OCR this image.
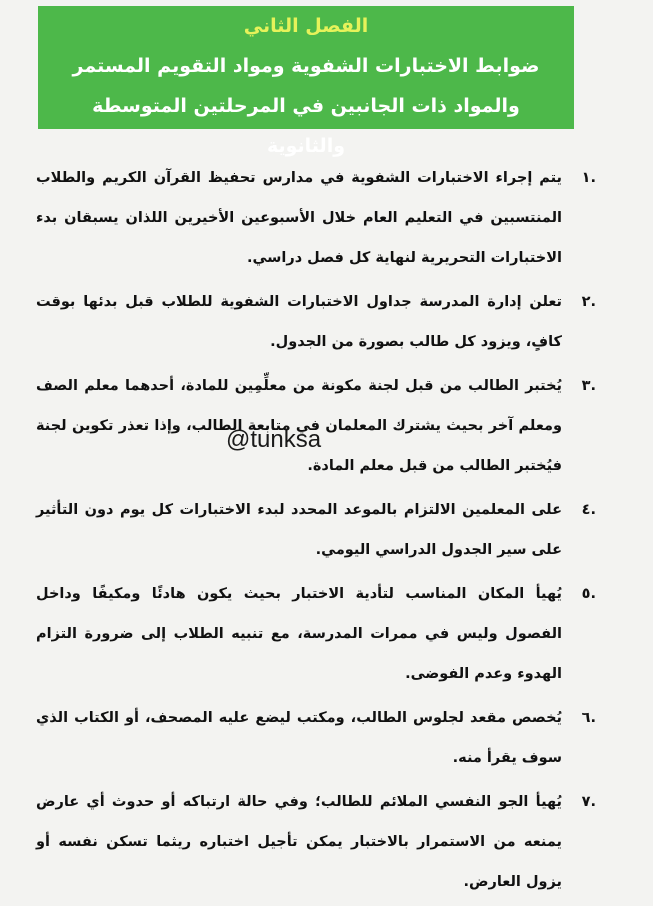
الفصل الثاني
ضوابط الاختبارات الشفوية ومواد التقويم المستمر والمواد ذات الجانبين في المرحلتين المتوسطة والثانوية
.١
يتم إجراء الاختبارات الشفوية في مدارس تحفيظ القرآن الكريم والطلاب المنتسبين في التعليم العام خلال الأسبوعين الأخيرين اللذان يسبقان بدء الاختبارات التحريرية لنهاية كل فصل دراسي.
.٢
تعلن إدارة المدرسة جداول الاختبارات الشفوية للطلاب قبل بدئها بوقت كافٍ، ويزود كل طالب بصورة من الجدول.
.٣
يُختبر الطالب من قبل لجنة مكونة من معلِّمِين للمادة، أحدهما معلم الصف ومعلم آخر بحيث يشترك المعلمان في متابعة الطالب، وإذا تعذر تكوين لجنة فيُختبر الطالب من قبل معلم المادة.
.٤
على المعلمين الالتزام بالموعد المحدد لبدء الاختبارات كل يوم دون التأثير على سير الجدول الدراسي اليومي.
.٥
يُهيأ المكان المناسب لتأدية الاختبار بحيث يكون هادئًا ومكيفًا وداخل الفصول وليس في ممرات المدرسة، مع تنبيه الطلاب إلى ضرورة التزام الهدوء وعدم الفوضى.
.٦
يُخصص مقعد لجلوس الطالب، ومكتب ليضع عليه المصحف، أو الكتاب الذي سوف يقرأ منه.
.٧
يُهيأ الجو النفسي الملائم للطالب؛ وفي حالة ارتباكه أو حدوث أي عارض يمنعه من الاستمرار بالاختبار يمكن تأجيل اختباره ريثما تسكن نفسه أو يزول العارض.
@tunksa
